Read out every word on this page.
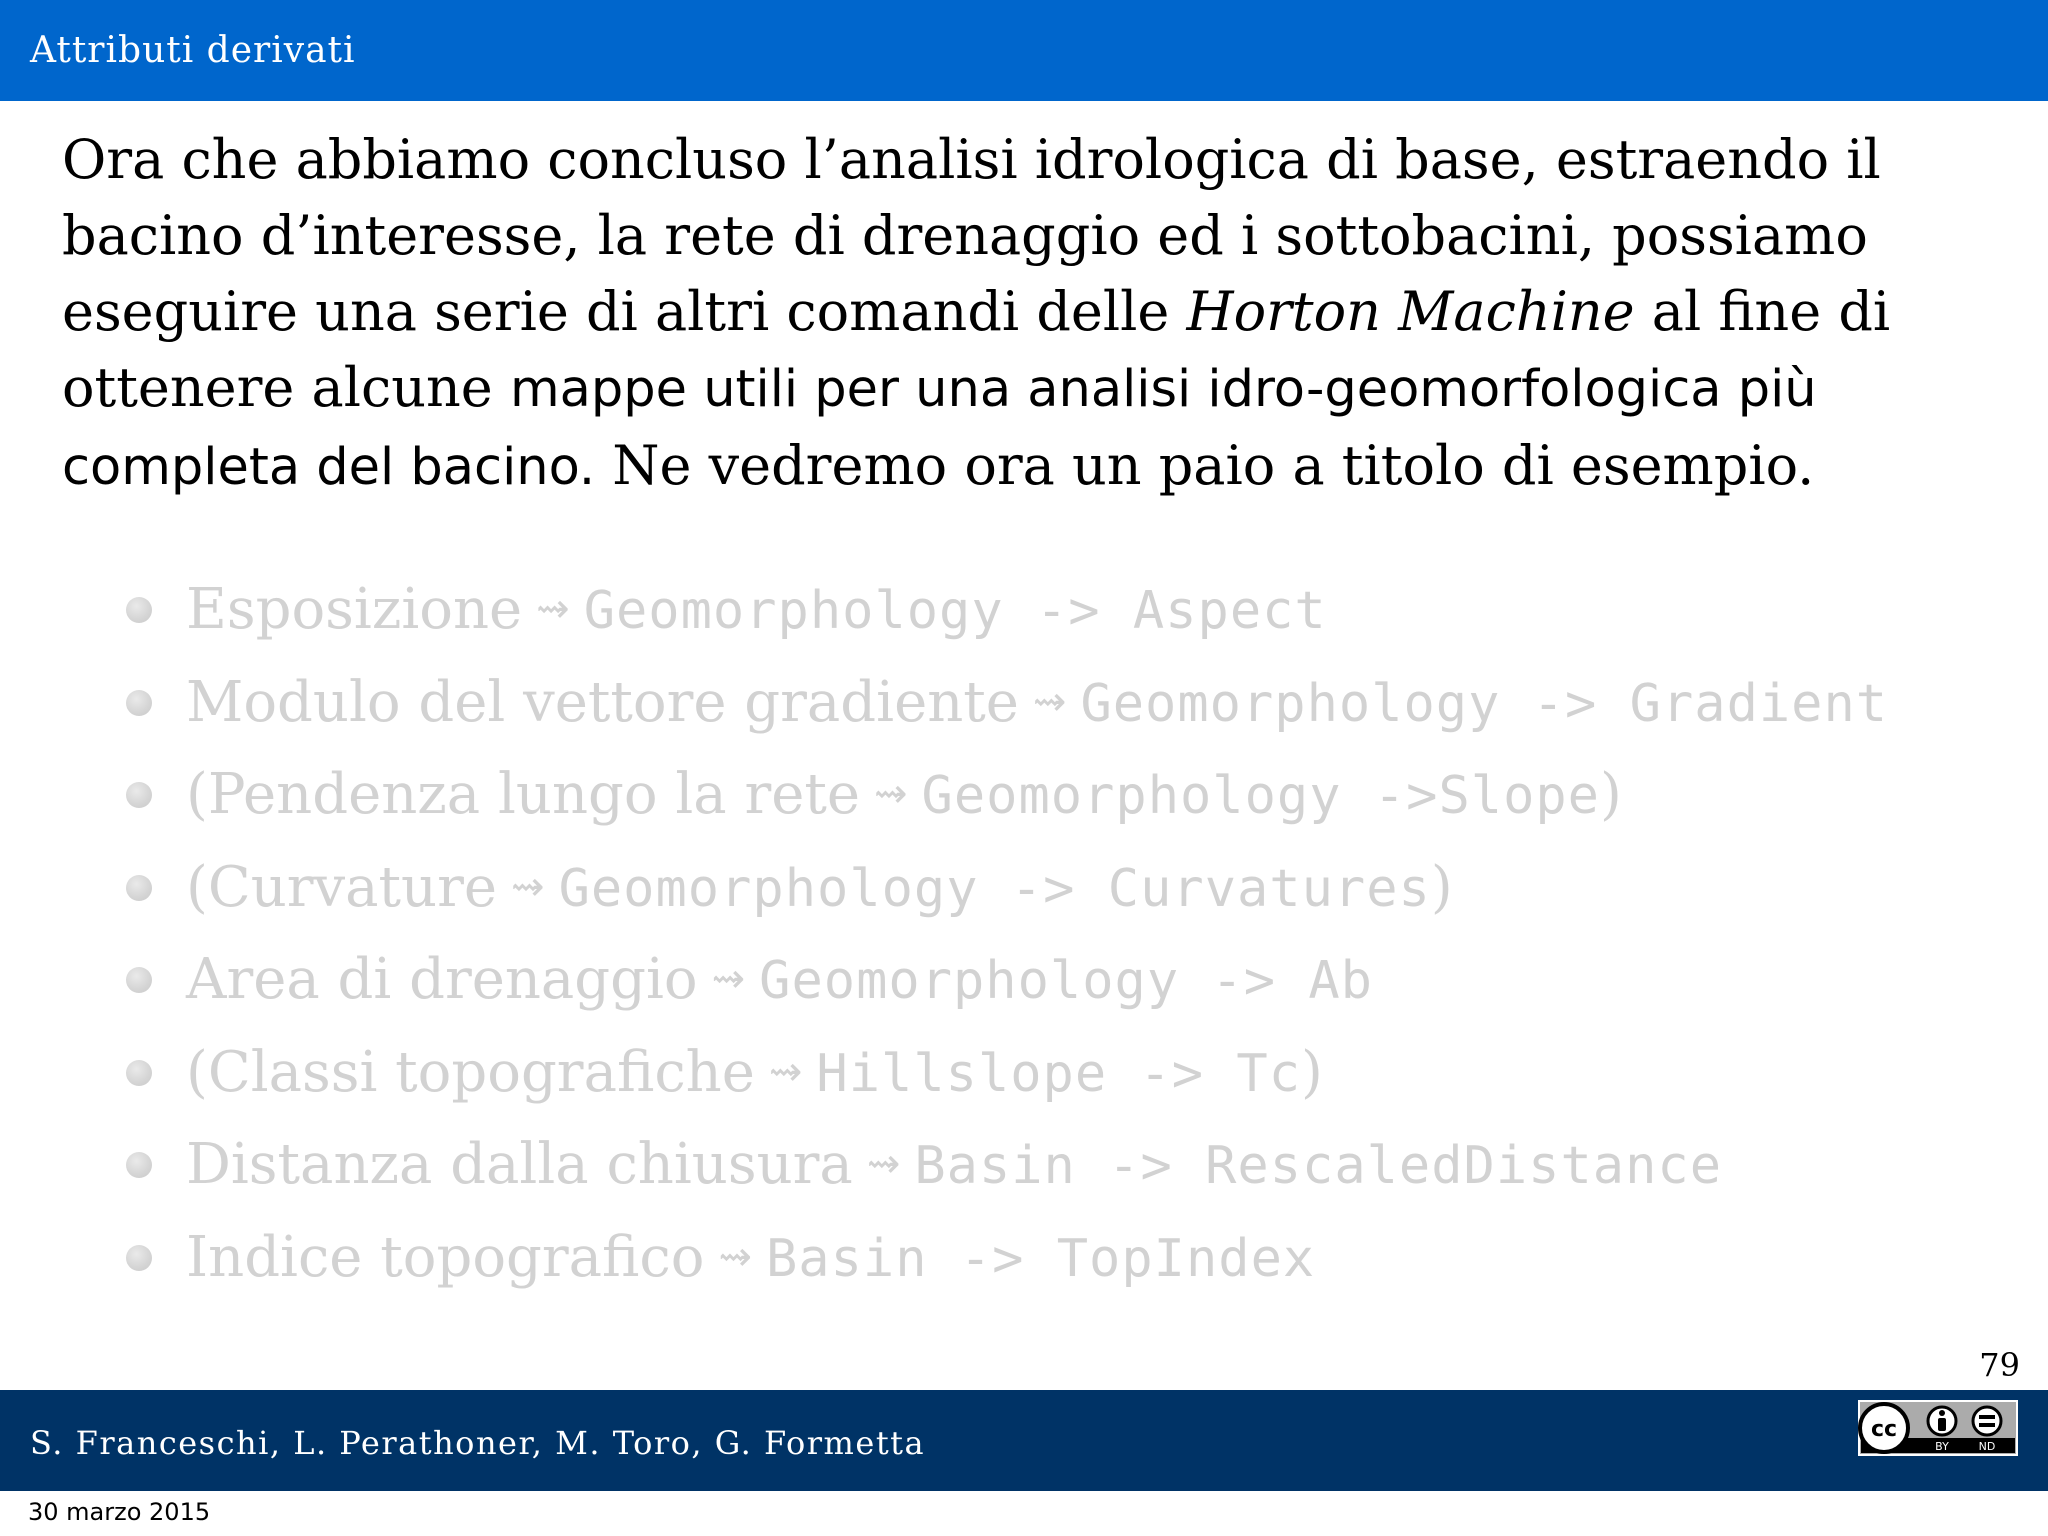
Attributi derivati

Ora che abbiamo concluso l’analisi idrologica di base, estraendo il
bacino d’interesse, la rete di drenaggio ed i sottobacini, possiamo
eseguire una serie di altri comandi delle Horton Machine al fine di
ottenere alcune mappe utili per una analisi idro-geomorfologica più
completa del bacino. Ne vedremo ora un paio a titolo di esempio.

Esposizione ⇝ Geomorphology -> Aspect
Modulo del vettore gradiente ⇝ Geomorphology -> Gradient
(Pendenza lungo la rete ⇝ Geomorphology ->Slope)
(Curvature ⇝ Geomorphology -> Curvatures)
Area di drenaggio ⇝ Geomorphology -> Ab
(Classi topografiche ⇝ Hillslope -> Tc)
Distanza dalla chiusura ⇝ Basin -> RescaledDistance
Indice topografico ⇝ Basin -> TopIndex
79
S. Franceschi, L. Perathoner, M. Toro, G. Formetta	cc
BY	ND
30 marzo 2015
